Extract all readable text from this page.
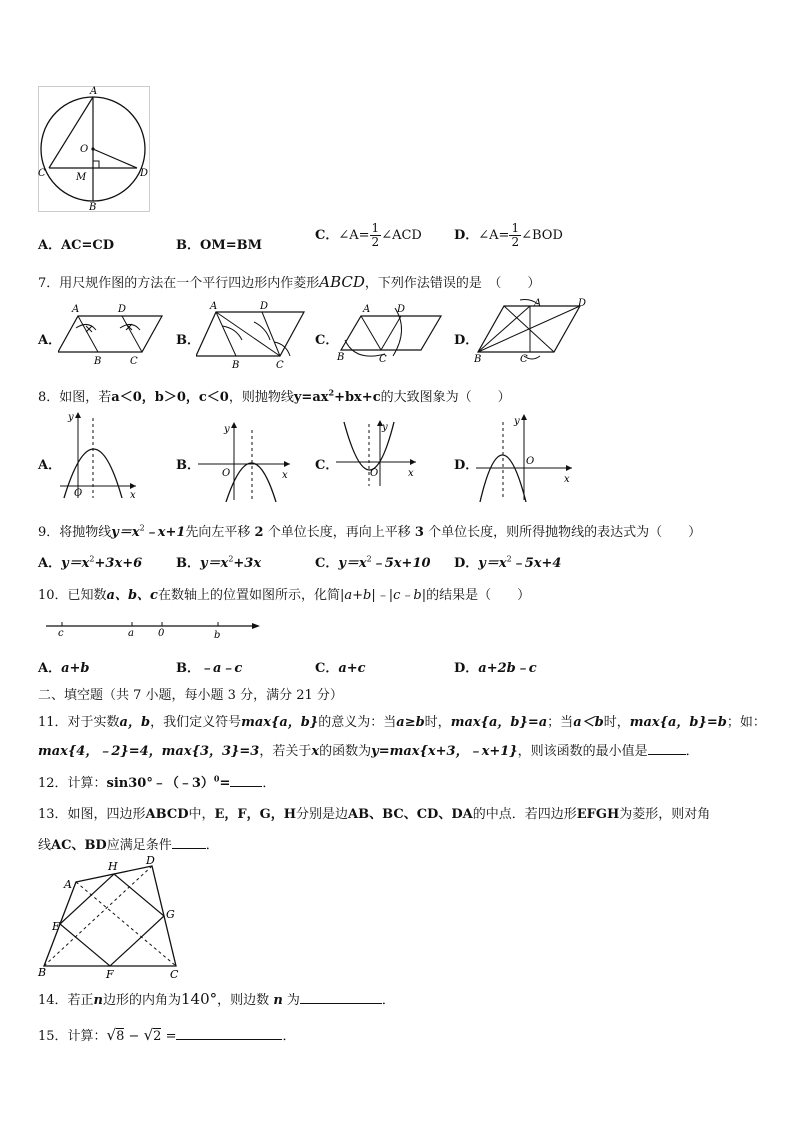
A
O
C	M	D
B
A．AC=CD	B．OM=BM
C．∠A= $\frac{1}{2}$ ∠ACD D．∠A= $\frac{1}{2}$ ∠BOD
7．用尺规作图的方法在一个平行四边形内作菱形ABCD，下列作法错误的是　（　　）
A．
A	D
B	C
B．
A	D
B	C
C．
A	D
B	C
D．
A	D
B	C
8．如图，若a＜0，b＞0，c＜0，则抛物线$y=ax^2+bx+c$的大致图象为（　　）
A．
y
x
O
B．
y
x
O
C．
y
x
O
D．
y
x
O
9．将抛物线$y=x^2﹣x+1$先向左平移 2 个单位长度，再向上平移 3 个单位长度，则所得抛物线的表达式为（　　）
A．$y=x^2+3x+6$	B．$y=x^2+3x$	C．$y=x^2﹣5x+10$ D．$y=x^2﹣5x+4$
10．已知数a、b、c在数轴上的位置如图所示，化简|a+b|﹣|c﹣b|的结果是（　　）
c	a 0	b
A．a+b	B．﹣a﹣c	C．a+c	D．a+2b﹣c
二、填空题（共 7 小题，每小题 3 分，满分 21 分）
11．对于实数a，b，我们定义符号max{a，b}的意义为：当a≥b时，max{a，b}=a；当a＜b时，max{a，b}=b；如：
max{4，﹣2}=4，max{3，3}=3，若关于x的函数为y=max{x+3，﹣x+1}，则该函数的最小值是	．
12．计算：sin30°﹣（﹣3）$^0$= ．
13．如图，四边形ABCD中，E，F，G，H分别是边AB、BC、CD、DA的中点．若四边形EFGH为菱形，则对角
线AC、BD应满足条件	．
A
D
B	C
E
F
G
H
14．若正n边形的内角为140°，则边数 n 为	．
15．计算：√8 − √2 =	．
